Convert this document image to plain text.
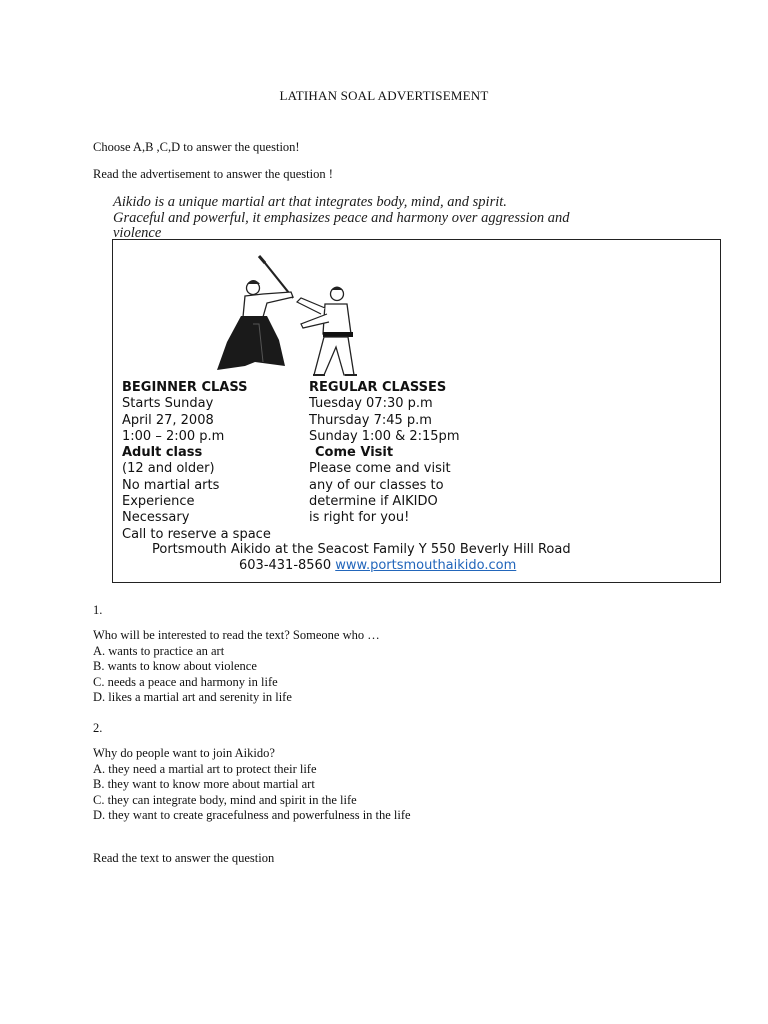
LATIHAN SOAL ADVERTISEMENT
Choose A,B ,C,D to answer the question!
Read the advertisement to answer the question !
Aikido is a unique martial art that integrates body, mind, and spirit.
Graceful and powerful, it emphasizes peace and harmony over aggression and
violence
BEGINNER CLASS
Starts Sunday
April 27, 2008
1:00 – 2:00 p.m
Adult class
(12 and older)
No martial arts
Experience
Necessary
Call to reserve a space
REGULAR CLASSES
Tuesday 07:30 p.m
Thursday 7:45 p.m
Sunday 1:00 & 2:15pm
Come Visit
Please come and visit
any of our classes to
determine if AIKIDO
is right for you!
Portsmouth Aikido at the Seacost Family Y 550 Beverly Hill Road
603-431-8560 www.portsmouthaikido.com
1.
Who will be interested to read the text? Someone who …
A. wants to practice an art
B. wants to know about violence
C. needs a peace and harmony in life
D. likes a martial art and serenity in life
2.
Why do people want to join Aikido?
A. they need a martial art to protect their life
B. they want to know more about martial art
C. they can integrate body, mind and spirit in the life
D. they want to create gracefulness and powerfulness in the life
Read the text to answer the question
